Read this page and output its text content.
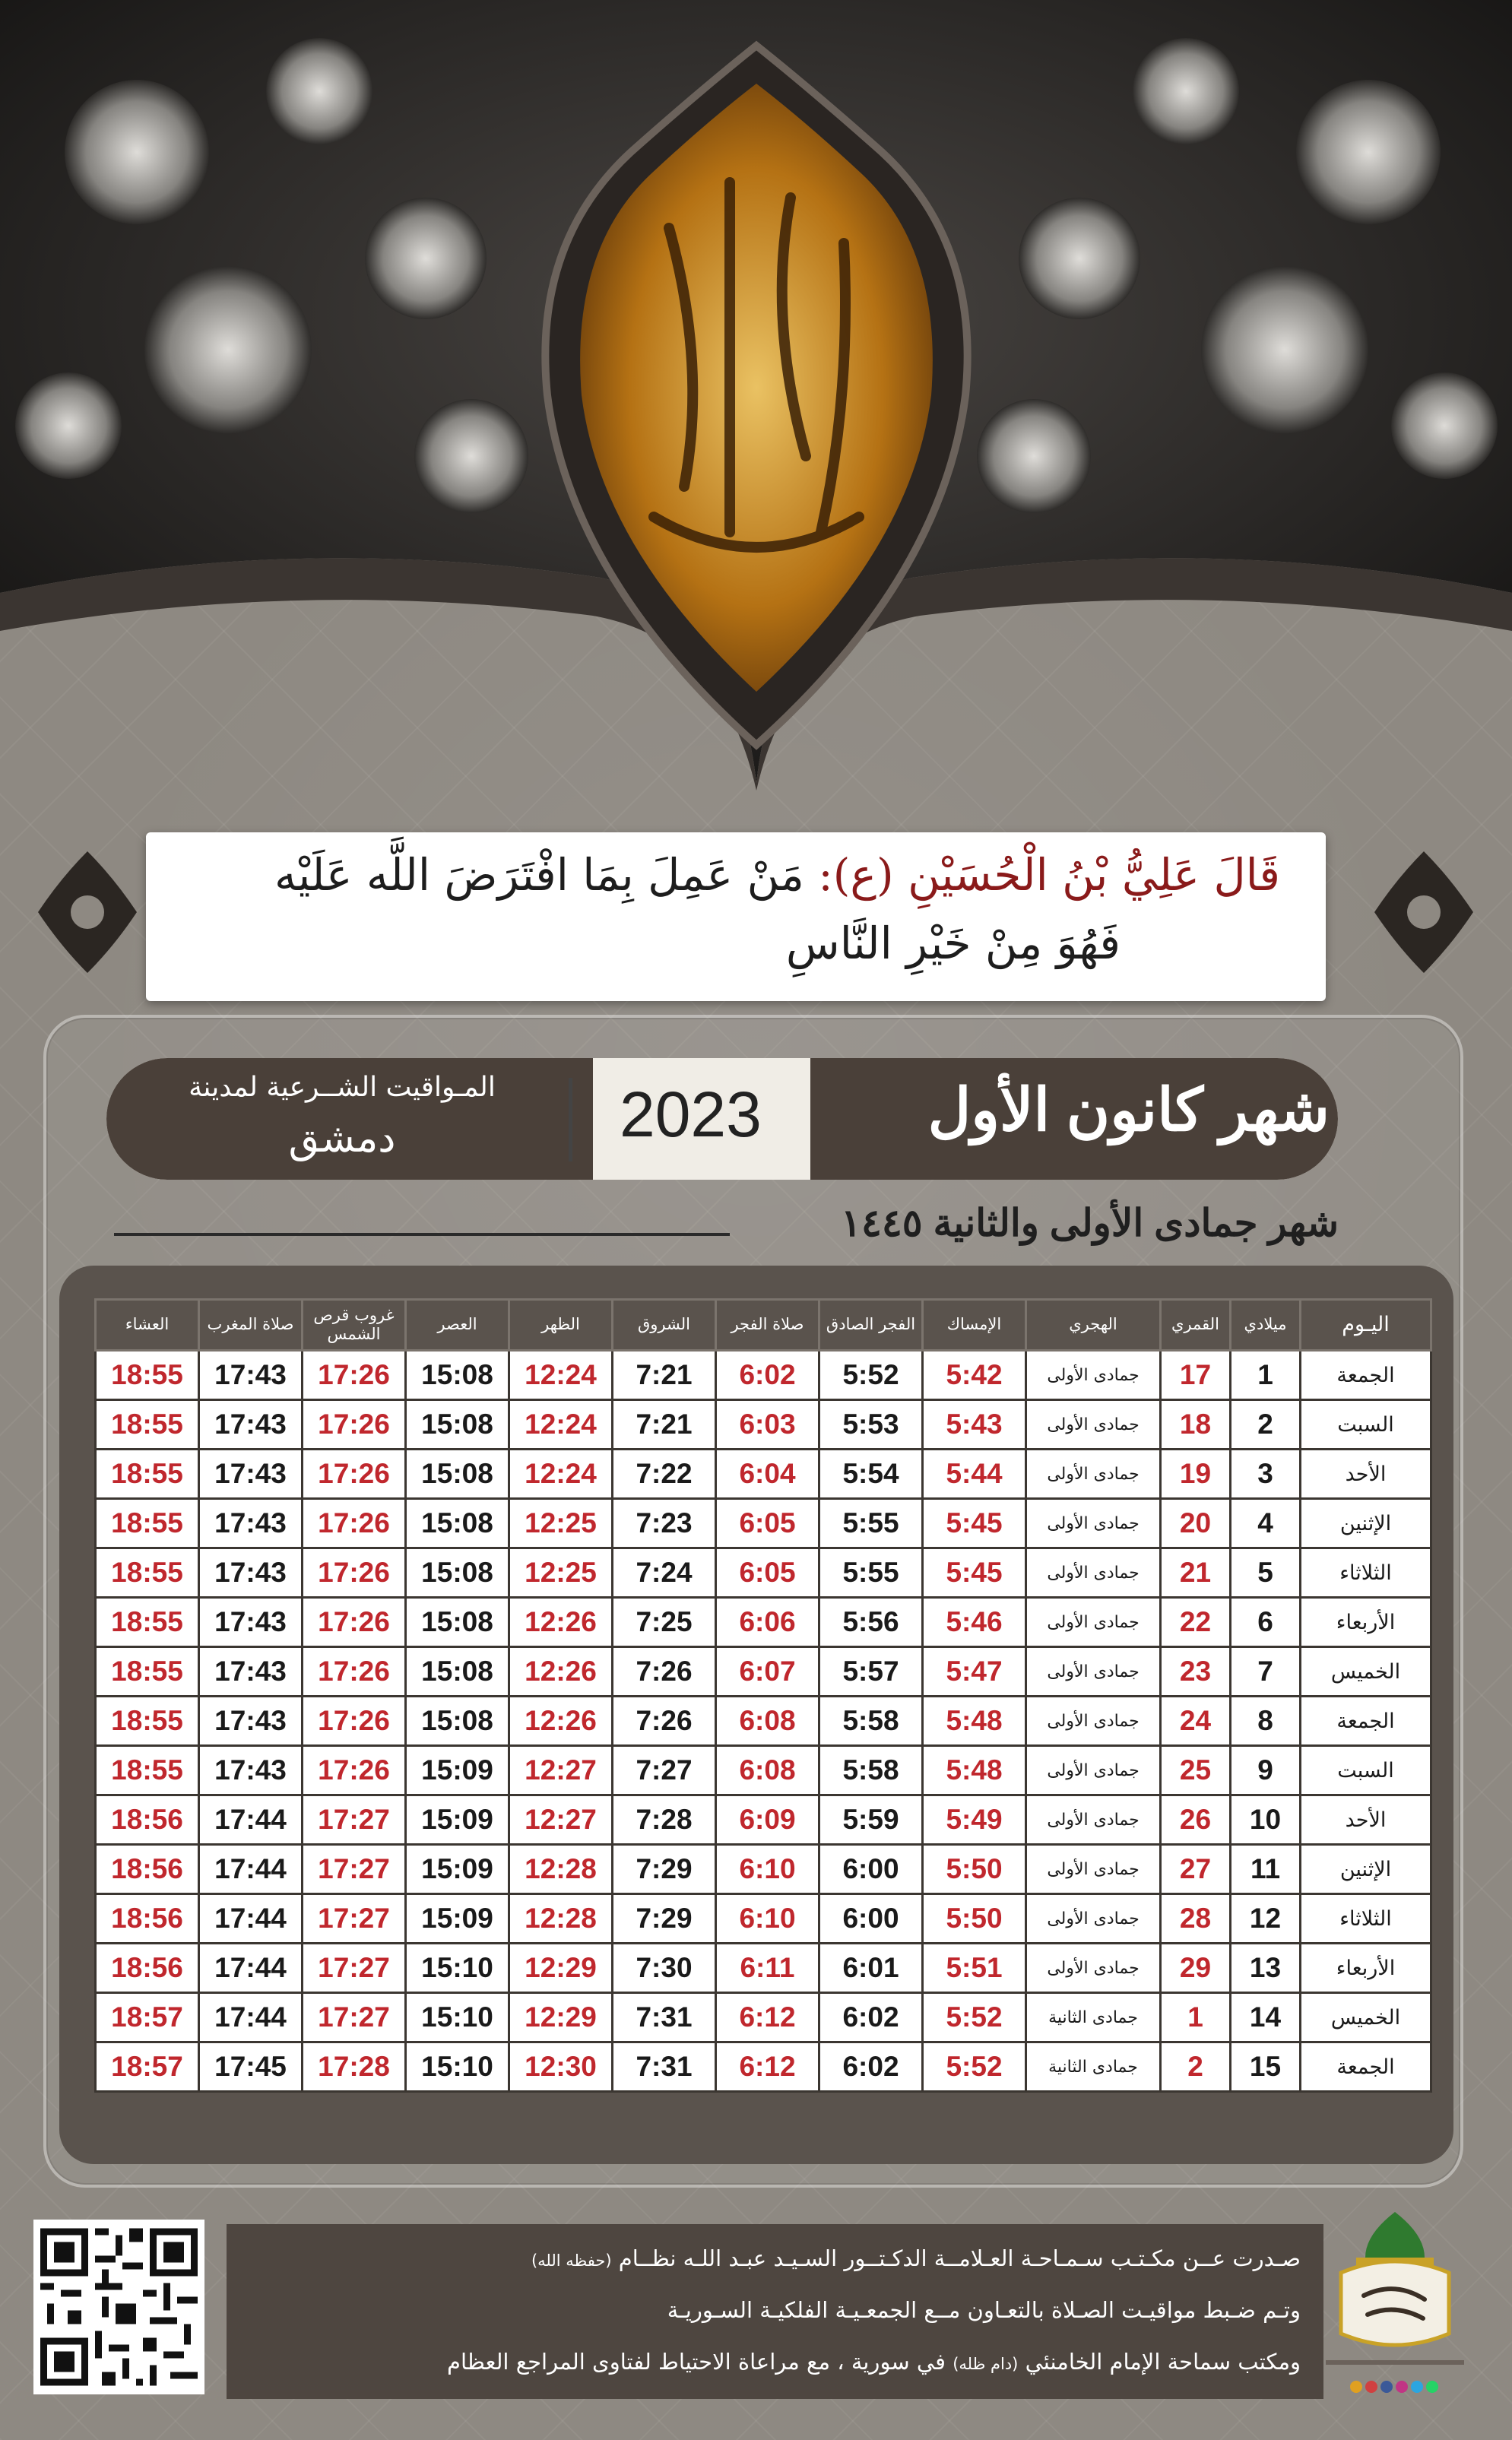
قَالَ عَلِيُّ بْنُ الْحُسَيْنِ (ع): مَنْ عَمِلَ بِمَا افْتَرَضَ اللَّه عَلَيْه
فَهُوَ مِنْ خَيْرِ النَّاسِ
شهر كانون الأول
2023
المـواقيت الشــرعية لمدينة
دمشق
شهر جمادى الأولى والثانية ١٤٤٥
اليـوم	ميلادي	القمري	الهجري	الإمساك	الفجر الصادق	صلاة الفجر	الشروق	الظهر	العصر	غروب قرص الشمس	صلاة المغرب	العشاء
الجمعة	1	17	جمادى الأولى	5:42	5:52	6:02	7:21	12:24	15:08	17:26	17:43	18:55
السبت	2	18	جمادى الأولى	5:43	5:53	6:03	7:21	12:24	15:08	17:26	17:43	18:55
الأحد	3	19	جمادى الأولى	5:44	5:54	6:04	7:22	12:24	15:08	17:26	17:43	18:55
الإثنين	4	20	جمادى الأولى	5:45	5:55	6:05	7:23	12:25	15:08	17:26	17:43	18:55
الثلاثاء	5	21	جمادى الأولى	5:45	5:55	6:05	7:24	12:25	15:08	17:26	17:43	18:55
الأربعاء	6	22	جمادى الأولى	5:46	5:56	6:06	7:25	12:26	15:08	17:26	17:43	18:55
الخميس	7	23	جمادى الأولى	5:47	5:57	6:07	7:26	12:26	15:08	17:26	17:43	18:55
الجمعة	8	24	جمادى الأولى	5:48	5:58	6:08	7:26	12:26	15:08	17:26	17:43	18:55
السبت	9	25	جمادى الأولى	5:48	5:58	6:08	7:27	12:27	15:09	17:26	17:43	18:55
الأحد	10	26	جمادى الأولى	5:49	5:59	6:09	7:28	12:27	15:09	17:27	17:44	18:56
الإثنين	11	27	جمادى الأولى	5:50	6:00	6:10	7:29	12:28	15:09	17:27	17:44	18:56
الثلاثاء	12	28	جمادى الأولى	5:50	6:00	6:10	7:29	12:28	15:09	17:27	17:44	18:56
الأربعاء	13	29	جمادى الأولى	5:51	6:01	6:11	7:30	12:29	15:10	17:27	17:44	18:56
الخميس	14	1	جمادى الثانية	5:52	6:02	6:12	7:31	12:29	15:10	17:27	17:44	18:57
الجمعة	15	2	جمادى الثانية	5:52	6:02	6:12	7:31	12:30	15:10	17:28	17:45	18:57
صـدرت عــن مكـتـب سـمـاحـة العـلامــة الدكـتــور السـيـد عبـد اللـه نظــام (حفظه الله)
وتـم ضـبط مواقيـت الصـلاة بالتعـاون مــع الجمعـيـة الفلكيـة السـوريـة
ومكتب سماحة الإمام الخامنئي (دام ظله) في سورية ، مع مراعاة الاحتياط لفتاوى المراجع العظام
